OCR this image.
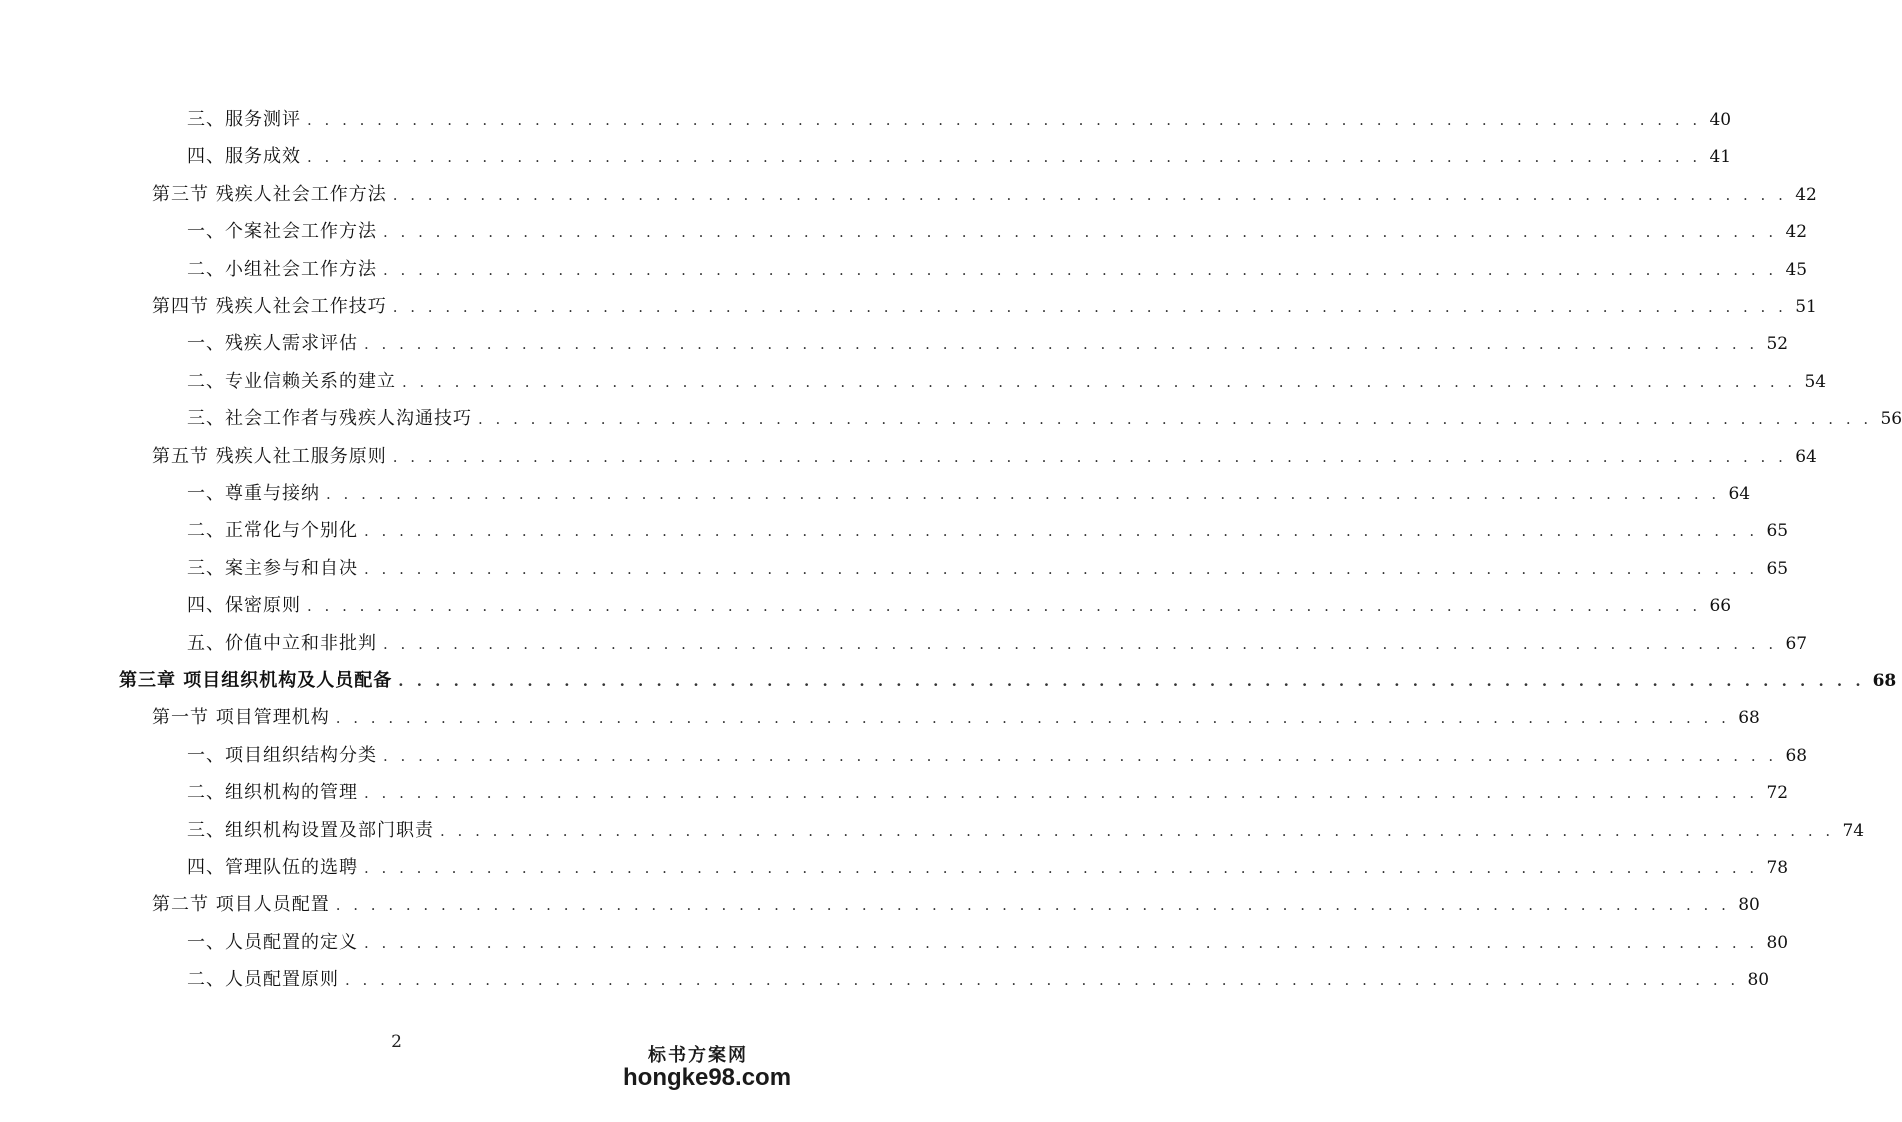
三、服务测评 . . . . . . . . . . . . . . . . . . . . . . . . . . . . . . . . . . . . . . . . . . . . . . . . . . . . . . . . . . . . . . . . . . . . . . . . . . . . . . . . 40
四、服务成效 . . . . . . . . . . . . . . . . . . . . . . . . . . . . . . . . . . . . . . . . . . . . . . . . . . . . . . . . . . . . . . . . . . . . . . . . . . . . . . . . 41
第三节 残疾人社会工作方法 . . . . . . . . . . . . . . . . . . . . . . . . . . . . . . . . . . . . . . . . . . . . . . . . . . . . . . . . . . . . . . . . . . . . . . . . . . . . . . . . 42
一、个案社会工作方法 . . . . . . . . . . . . . . . . . . . . . . . . . . . . . . . . . . . . . . . . . . . . . . . . . . . . . . . . . . . . . . . . . . . . . . . . . . . . . . . . 42
二、小组社会工作方法 . . . . . . . . . . . . . . . . . . . . . . . . . . . . . . . . . . . . . . . . . . . . . . . . . . . . . . . . . . . . . . . . . . . . . . . . . . . . . . . . 45
第四节 残疾人社会工作技巧 . . . . . . . . . . . . . . . . . . . . . . . . . . . . . . . . . . . . . . . . . . . . . . . . . . . . . . . . . . . . . . . . . . . . . . . . . . . . . . . . 51
一、残疾人需求评估 . . . . . . . . . . . . . . . . . . . . . . . . . . . . . . . . . . . . . . . . . . . . . . . . . . . . . . . . . . . . . . . . . . . . . . . . . . . . . . . . 52
二、专业信赖关系的建立 . . . . . . . . . . . . . . . . . . . . . . . . . . . . . . . . . . . . . . . . . . . . . . . . . . . . . . . . . . . . . . . . . . . . . . . . . . . . . . . . 54
三、社会工作者与残疾人沟通技巧 . . . . . . . . . . . . . . . . . . . . . . . . . . . . . . . . . . . . . . . . . . . . . . . . . . . . . . . . . . . . . . . . . . . . . . . . . . . . . . . . 56
第五节 残疾人社工服务原则 . . . . . . . . . . . . . . . . . . . . . . . . . . . . . . . . . . . . . . . . . . . . . . . . . . . . . . . . . . . . . . . . . . . . . . . . . . . . . . . . 64
一、尊重与接纳 . . . . . . . . . . . . . . . . . . . . . . . . . . . . . . . . . . . . . . . . . . . . . . . . . . . . . . . . . . . . . . . . . . . . . . . . . . . . . . . . 64
二、正常化与个别化 . . . . . . . . . . . . . . . . . . . . . . . . . . . . . . . . . . . . . . . . . . . . . . . . . . . . . . . . . . . . . . . . . . . . . . . . . . . . . . . . 65
三、案主参与和自决 . . . . . . . . . . . . . . . . . . . . . . . . . . . . . . . . . . . . . . . . . . . . . . . . . . . . . . . . . . . . . . . . . . . . . . . . . . . . . . . . 65
四、保密原则 . . . . . . . . . . . . . . . . . . . . . . . . . . . . . . . . . . . . . . . . . . . . . . . . . . . . . . . . . . . . . . . . . . . . . . . . . . . . . . . . 66
五、价值中立和非批判 . . . . . . . . . . . . . . . . . . . . . . . . . . . . . . . . . . . . . . . . . . . . . . . . . . . . . . . . . . . . . . . . . . . . . . . . . . . . . . . . 67
第三章 项目组织机构及人员配备 . . . . . . . . . . . . . . . . . . . . . . . . . . . . . . . . . . . . . . . . . . . . . . . . . . . . . . . . . . . . . . . . . . . . . . . . . . . . . . . . 68
第一节 项目管理机构 . . . . . . . . . . . . . . . . . . . . . . . . . . . . . . . . . . . . . . . . . . . . . . . . . . . . . . . . . . . . . . . . . . . . . . . . . . . . . . . . 68
一、项目组织结构分类 . . . . . . . . . . . . . . . . . . . . . . . . . . . . . . . . . . . . . . . . . . . . . . . . . . . . . . . . . . . . . . . . . . . . . . . . . . . . . . . . 68
二、组织机构的管理 . . . . . . . . . . . . . . . . . . . . . . . . . . . . . . . . . . . . . . . . . . . . . . . . . . . . . . . . . . . . . . . . . . . . . . . . . . . . . . . . 72
三、组织机构设置及部门职责 . . . . . . . . . . . . . . . . . . . . . . . . . . . . . . . . . . . . . . . . . . . . . . . . . . . . . . . . . . . . . . . . . . . . . . . . . . . . . . . . 74
四、管理队伍的选聘 . . . . . . . . . . . . . . . . . . . . . . . . . . . . . . . . . . . . . . . . . . . . . . . . . . . . . . . . . . . . . . . . . . . . . . . . . . . . . . . . 78
第二节 项目人员配置 . . . . . . . . . . . . . . . . . . . . . . . . . . . . . . . . . . . . . . . . . . . . . . . . . . . . . . . . . . . . . . . . . . . . . . . . . . . . . . . . 80
一、人员配置的定义 . . . . . . . . . . . . . . . . . . . . . . . . . . . . . . . . . . . . . . . . . . . . . . . . . . . . . . . . . . . . . . . . . . . . . . . . . . . . . . . . 80
二、人员配置原则 . . . . . . . . . . . . . . . . . . . . . . . . . . . . . . . . . . . . . . . . . . . . . . . . . . . . . . . . . . . . . . . . . . . . . . . . . . . . . . . . 80
2
标书方案网
hongke98.com
